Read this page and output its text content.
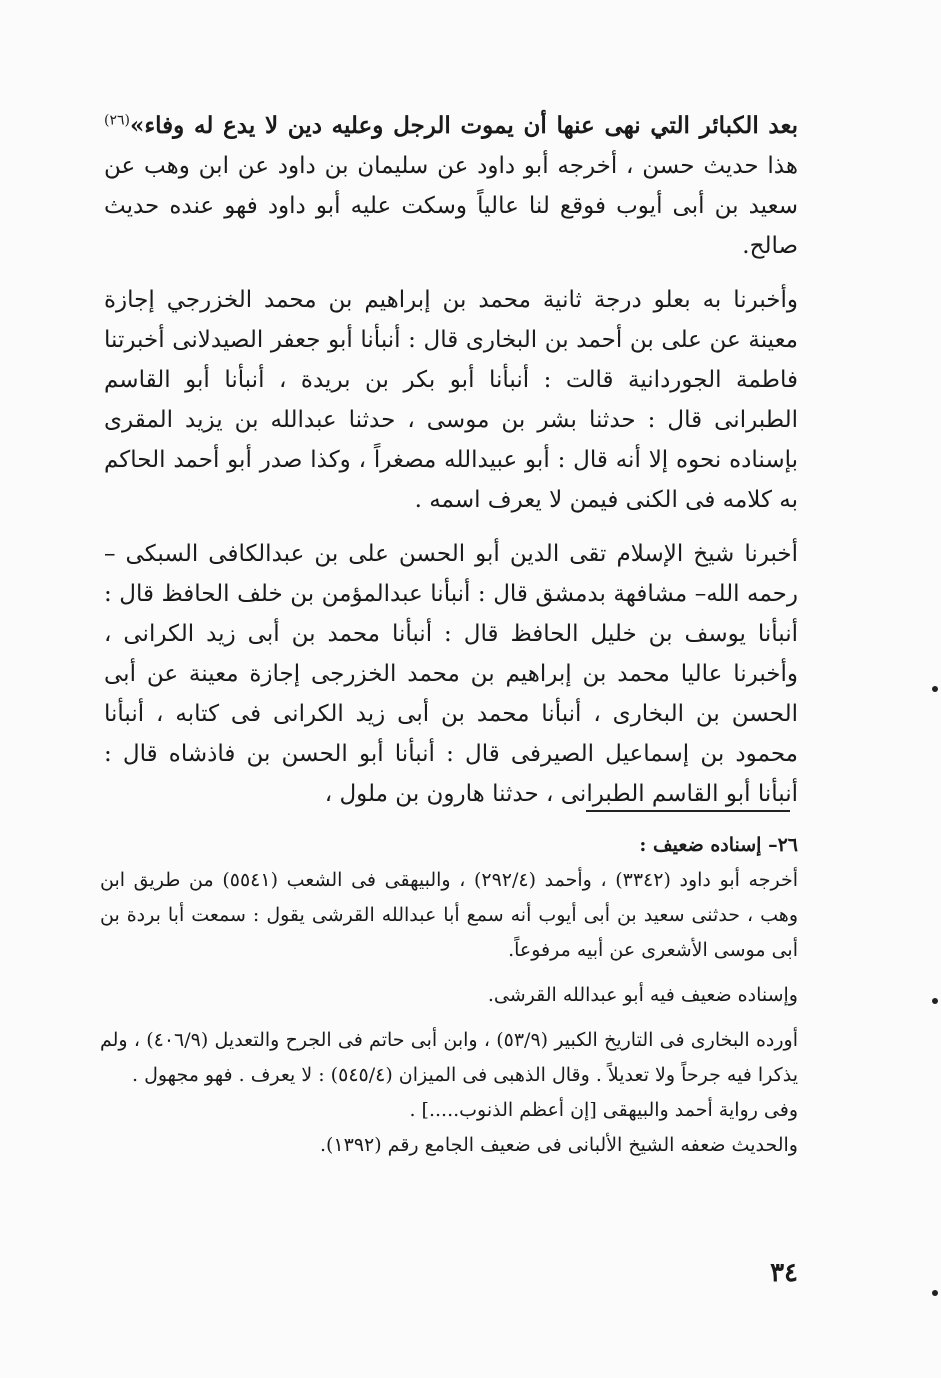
بعد الكبائر التي نهى عنها أن يموت الرجل وعليه دين لا يدع له وفاء»$^{(٢٦)}$ هذا حديث حسن ، أخرجه أبو داود عن سليمان بن داود عن ابن وهب عن سعيد بن أبى أيوب فوقع لنا عالياً وسكت عليه أبو داود فهو عنده حديث صالح.

وأخبرنا به بعلو درجة ثانية محمد بن إبراهيم بن محمد الخزرجي إجازة معينة عن على بن أحمد بن البخارى قال : أنبأنا أبو جعفر الصيدلانى أخبرتنا فاطمة الجوردانية قالت : أنبأنا أبو بكر بن بريدة ، أنبأنا أبو القاسم الطبرانى قال : حدثنا بشر بن موسى ، حدثنا عبدالله بن يزيد المقرى بإسناده نحوه إلا أنه قال : أبو عبيدالله مصغراً ، وكذا صدر أبو أحمد الحاكم به كلامه فى الكنى فيمن لا يعرف اسمه .

أخبرنا شيخ الإسلام تقى الدين أبو الحسن على بن عبدالكافى السبكى –رحمه الله– مشافهة بدمشق قال : أنبأنا عبدالمؤمن بن خلف الحافظ قال : أنبأنا يوسف بن خليل الحافظ قال : أنبأنا محمد بن أبى زيد الكرانى ، وأخبرنا عاليا محمد بن إبراهيم بن محمد الخزرجى إجازة معينة عن أبى الحسن بن البخارى ، أنبأنا محمد بن أبى زيد الكرانى فى كتابه ، أنبأنا محمود بن إسماعيل الصيرفى قال : أنبأنا أبو الحسن بن فاذشاه قال : أنبأنا أبو القاسم الطبرانى ، حدثنا هارون بن ملول ،

٢٦– إسناده ضعيف :

أخرجه أبو داود (٣٣٤٢) ، وأحمد (٢٩٢/٤) ، والبيهقى فى الشعب (٥٥٤١) من طريق ابن وهب ، حدثنى سعيد بن أبى أيوب أنه سمع أبا عبدالله القرشى يقول : سمعت أبا بردة بن أبى موسى الأشعرى عن أبيه مرفوعاً.

وإسناده ضعيف فيه أبو عبدالله القرشى.

أورده البخارى فى التاريخ الكبير (٥٣/٩) ، وابن أبى حاتم فى الجرح والتعديل (٤٠٦/٩) ، ولم يذكرا فيه جرحاً ولا تعديلاً . وقال الذهبى فى الميزان (٥٤٥/٤) : لا يعرف . فهو مجهول .

وفى رواية أحمد والبيهقى [إن أعظم الذنوب.....] .

والحديث ضعفه الشيخ الألبانى فى ضعيف الجامع رقم (١٣٩٢).

٣٤
